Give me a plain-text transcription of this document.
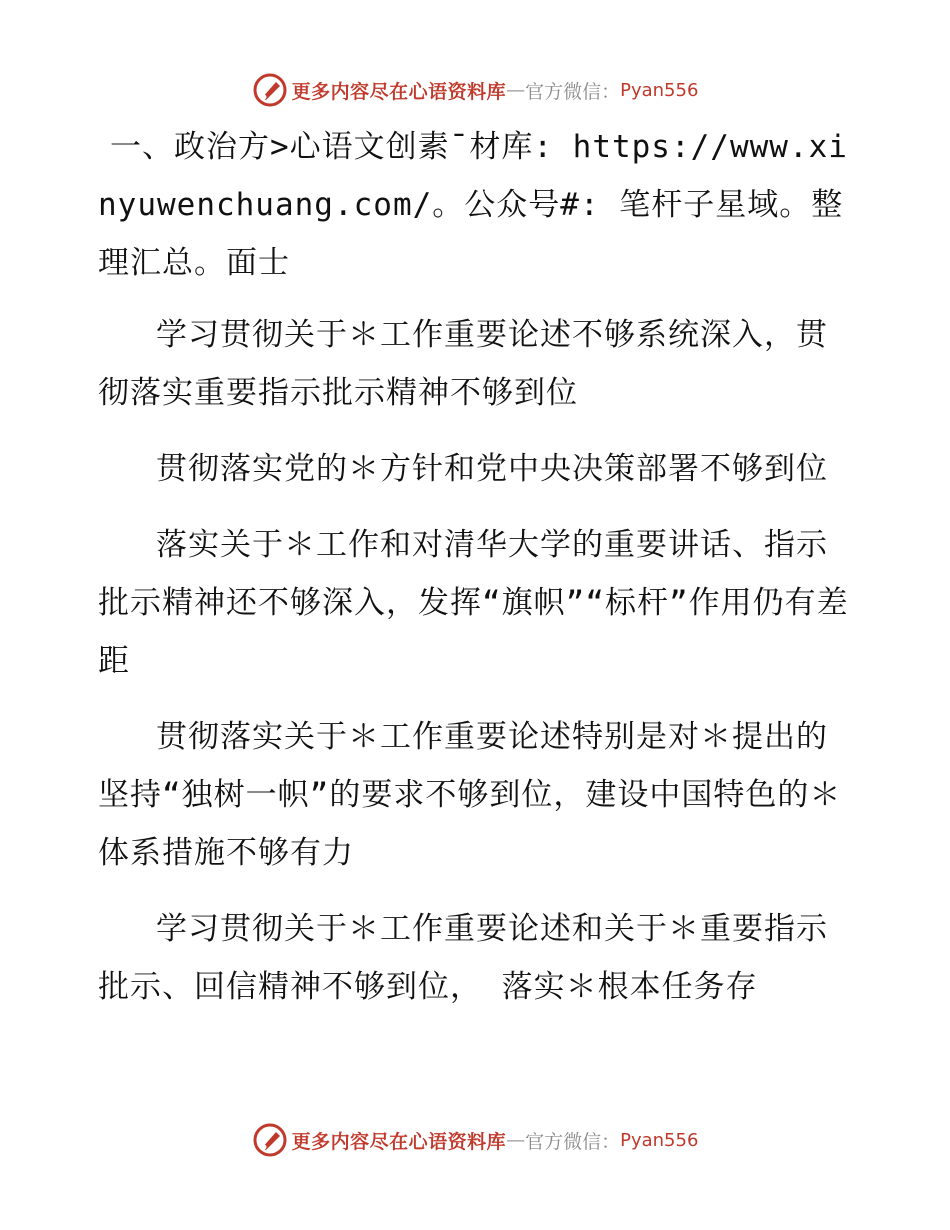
更多内容尽在心语资料库 — 官方微信： Pyan556

一、政治方>心语文创素¯材库: https://www.xinyuwenchuang.com/。公众号#: 笔杆子星域。整理汇总。面士

学习贯彻关于＊工作重要论述不够系统深入，贯彻落实重要指示批示精神不够到位

贯彻落实党的＊方针和党中央决策部署不够到位

落实关于＊工作和对清华大学的重要讲话、指示批示精神还不够深入，发挥“旗帜”“标杆”作用仍有差距

贯彻落实关于＊工作重要论述特别是对＊提出的坚持“独树一帜”的要求不够到位，建设中国特色的＊体系措施不够有力

学习贯彻关于＊工作重要论述和关于＊重要指示批示、回信精神不够到位， 落实＊根本任务存

更多内容尽在心语资料库 — 官方微信： Pyan556
